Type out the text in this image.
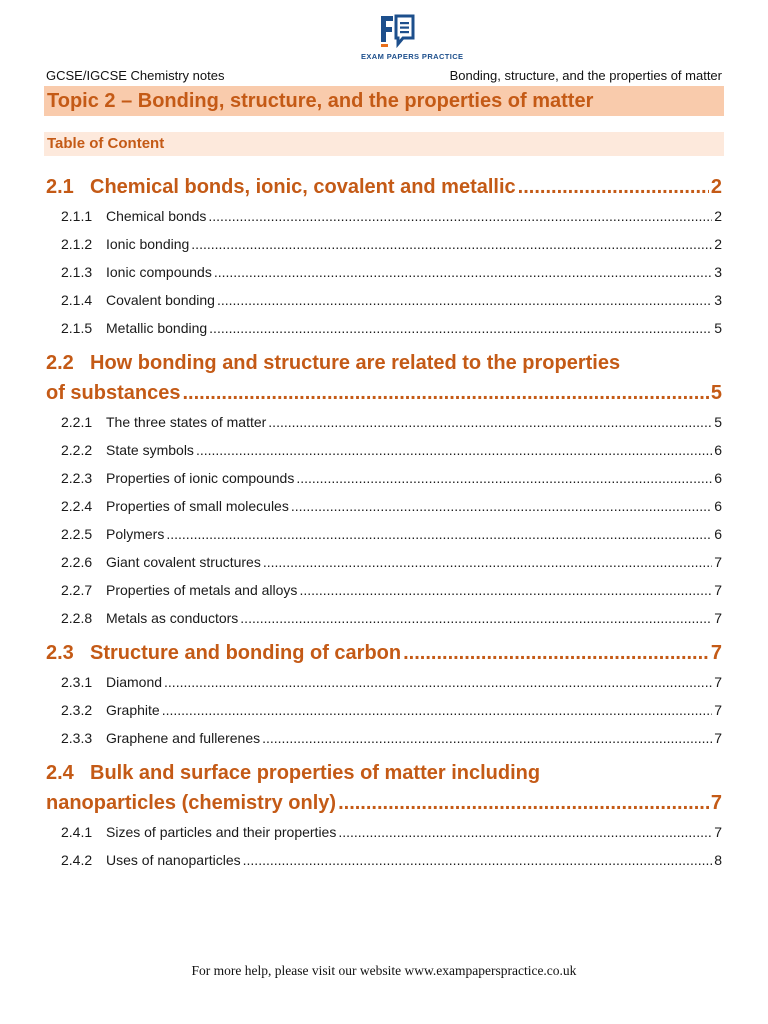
EXAM PAPERS PRACTICE
GCSE/IGCSE Chemistry notes	Bonding, structure, and the properties of matter
Topic 2 – Bonding, structure, and the properties of matter
Table of Content
2.1 Chemical bonds, ionic, covalent and metallic .....	2
2.1.1 Chemical bonds .....	2
2.1.2 Ionic bonding .....	2
2.1.3 Ionic compounds .....	3
2.1.4 Covalent bonding .....	3
2.1.5 Metallic bonding .....	5
2.2 How bonding and structure are related to the properties
of substances .....	5
2.2.1 The three states of matter .....	5
2.2.2 State symbols .....	6
2.2.3 Properties of ionic compounds .....	6
2.2.4 Properties of small molecules .....	6
2.2.5 Polymers .....	6
2.2.6 Giant covalent structures .....	7
2.2.7 Properties of metals and alloys .....	7
2.2.8 Metals as conductors .....	7
2.3 Structure and bonding of carbon .....	7
2.3.1 Diamond .....	7
2.3.2 Graphite .....	7
2.3.3 Graphene and fullerenes .....	7
2.4 Bulk and surface properties of matter including
nanoparticles (chemistry only) .....	7
2.4.1 Sizes of particles and their properties .....	7
2.4.2 Uses of nanoparticles .....	8
For more help, please visit our website www.exampaperspractice.co.uk
